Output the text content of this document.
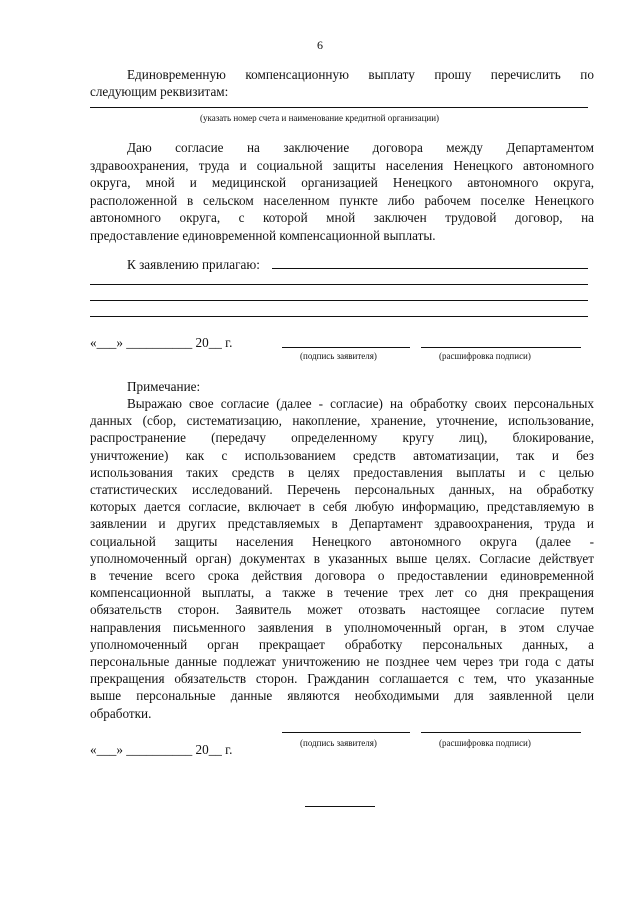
6
Единовременную компенсационную выплату прошу перечислить по
следующим реквизитам:
(указать номер счета и наименование кредитной организации)
Даю согласие на заключение договора между Департаментом
здравоохранения, труда и социальной защиты населения Ненецкого автономного
округа, мной и медицинской организацией Ненецкого автономного округа,
расположенной в сельском населенном пункте либо рабочем поселке Ненецкого
автономного округа, с которой мной заключен трудовой договор, на
предоставление единовременной компенсационной выплаты.
К заявлению прилагаю:
«___» __________ 20__ г.
(подпись заявителя)	(расшифровка подписи)
Примечание:
Выражаю свое согласие (далее - согласие) на обработку своих персональных
данных (сбор, систематизацию, накопление, хранение, уточнение, использование,
распространение (передачу определенному кругу лиц), блокирование,
уничтожение) как с использованием средств автоматизации, так и без
использования таких средств в целях предоставления выплаты и с целью
статистических исследований. Перечень персональных данных, на обработку
которых дается согласие, включает в себя любую информацию, представляемую в
заявлении и других представляемых в Департамент здравоохранения, труда и
социальной защиты населения Ненецкого автономного округа (далее -
уполномоченный орган) документах в указанных выше целях. Согласие действует
в течение всего срока действия договора о предоставлении единовременной
компенсационной выплаты, а также в течение трех лет со дня прекращения
обязательств сторон. Заявитель может отозвать настоящее согласие путем
направления письменного заявления в уполномоченный орган, в этом случае
уполномоченный орган прекращает обработку персональных данных, а
персональные данные подлежат уничтожению не позднее чем через три года с даты
прекращения обязательств сторон. Гражданин соглашается с тем, что указанные
выше персональные данные являются необходимыми для заявленной цели
обработки.
«___» __________ 20__ г.	(подпись заявителя)	(расшифровка подписи)
